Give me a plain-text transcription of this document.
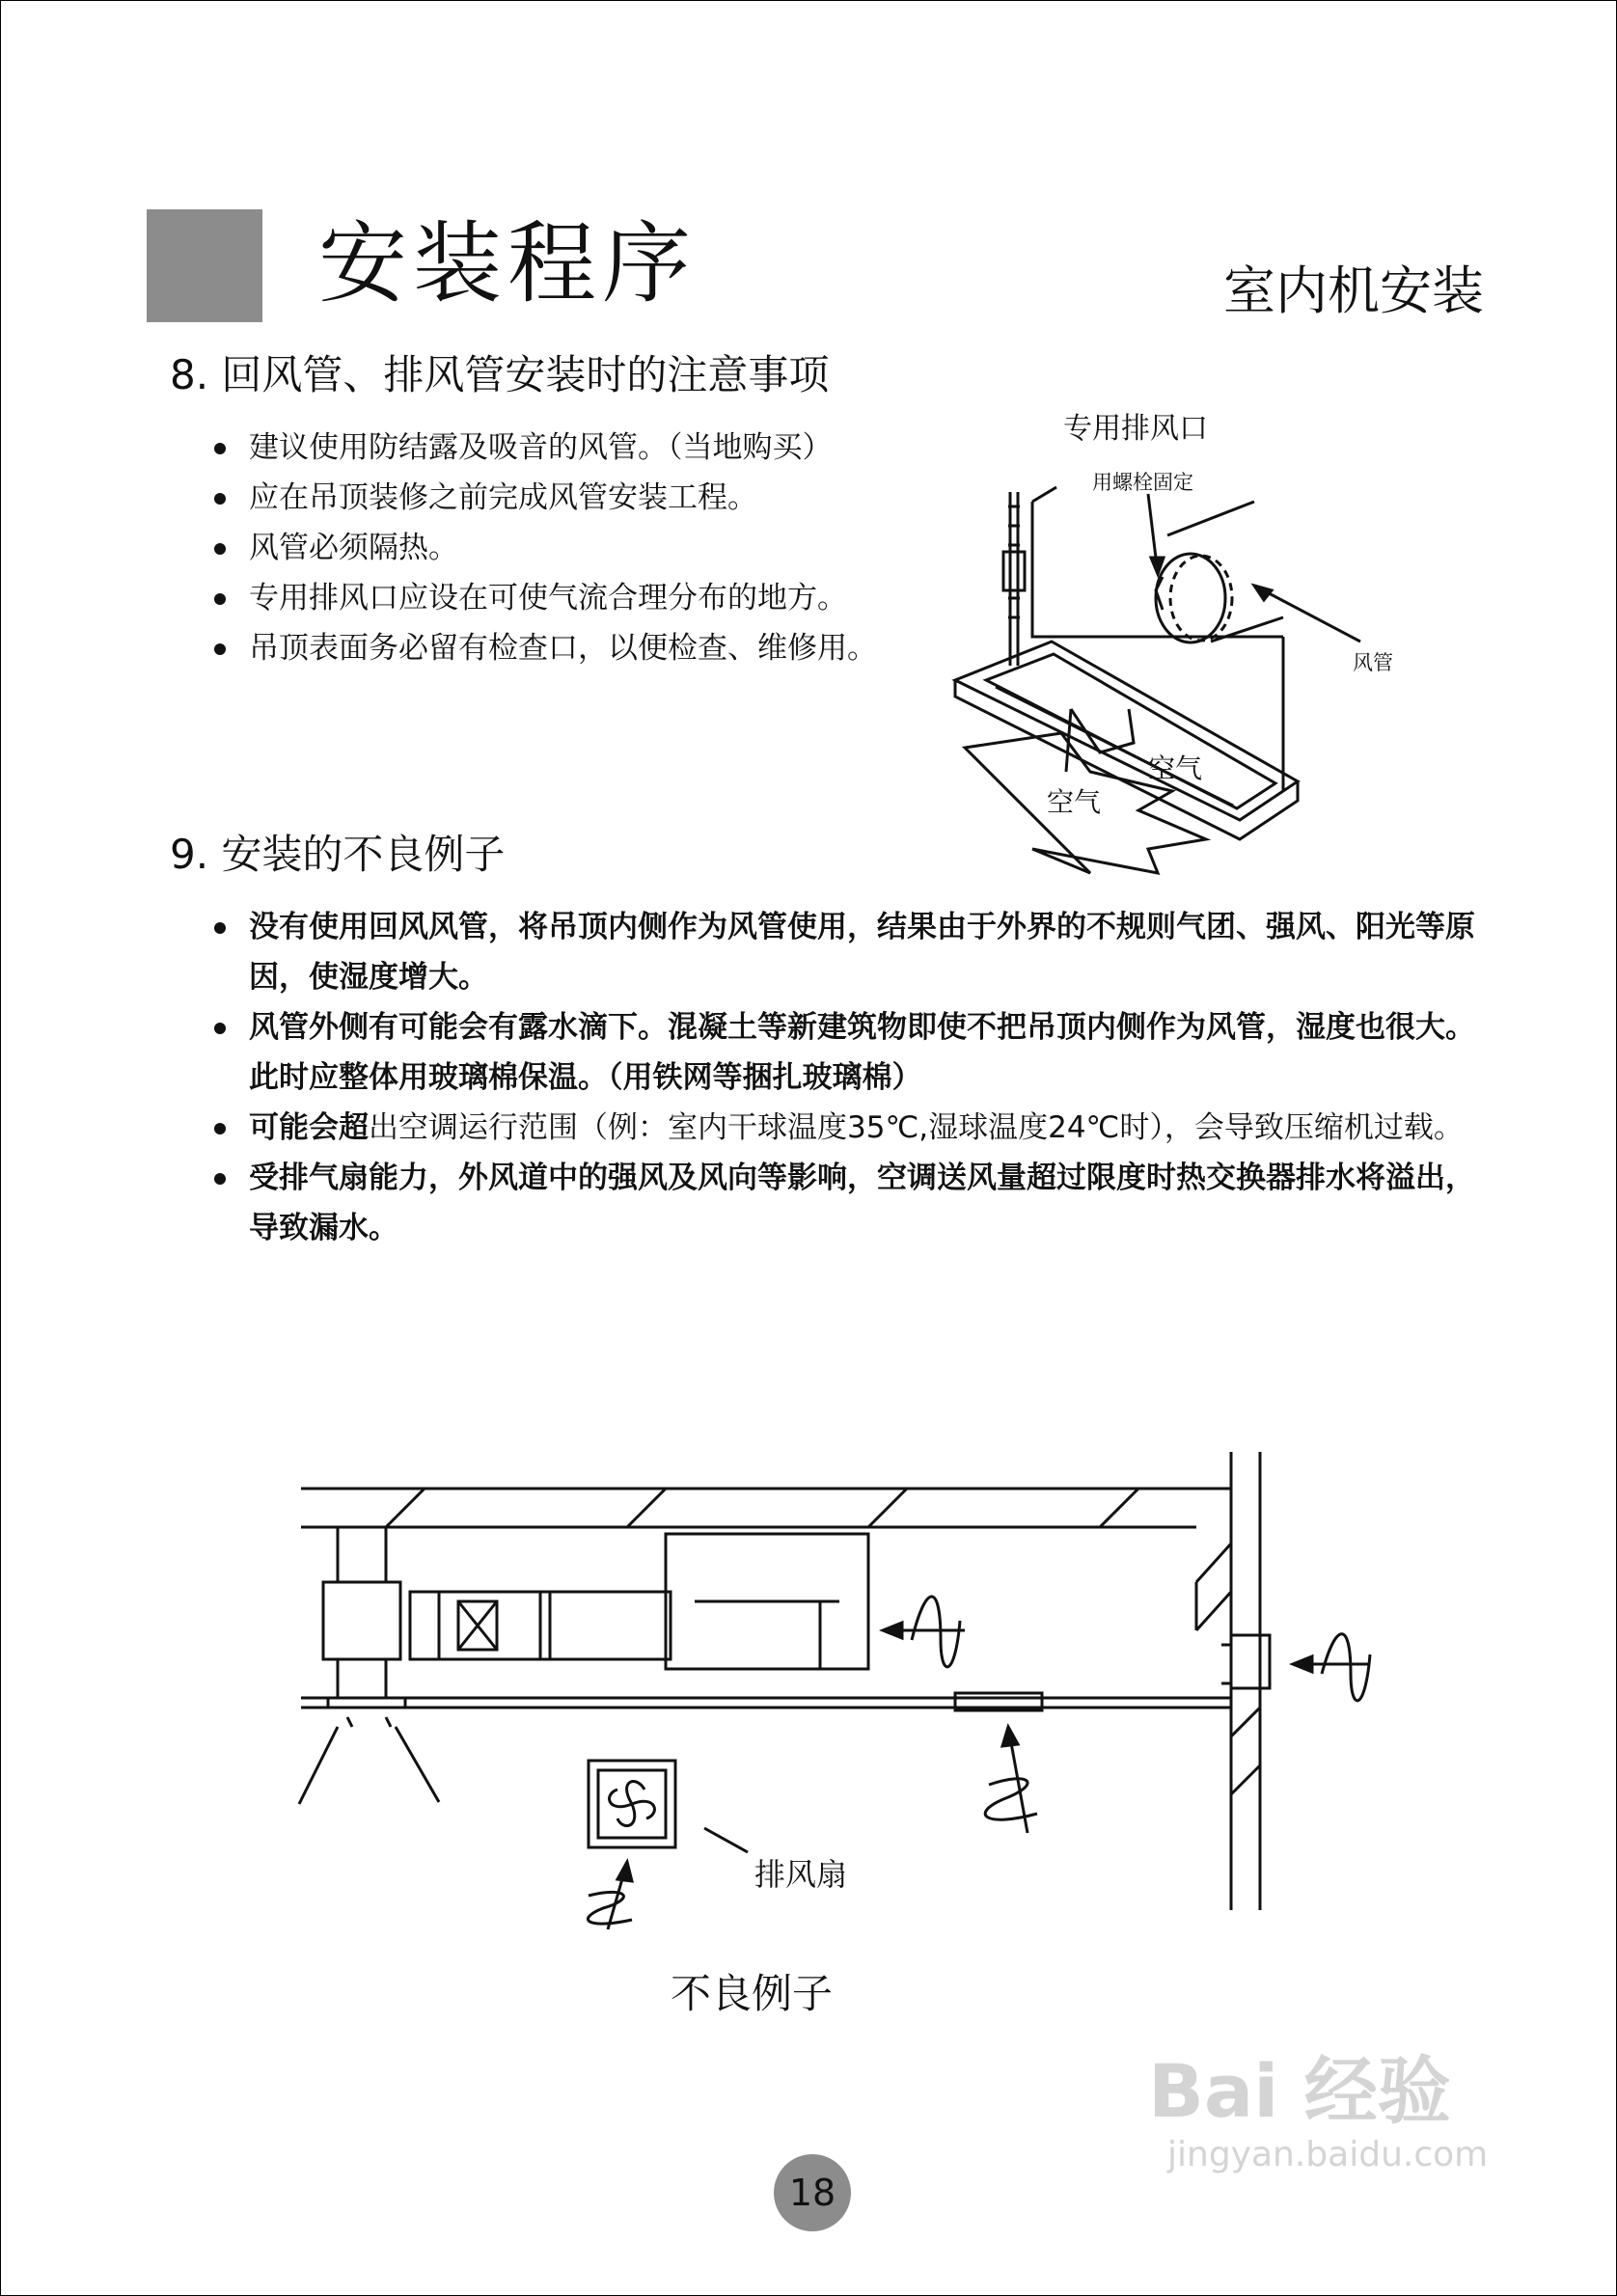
安装程序	室内机安装
8. 回风管、排风管安装时的注意事项
建议使用防结露及吸音的风管。（当地购买）
应在吊顶装修之前完成风管安装工程。
风管必须隔热。
专用排风口应设在可使气流合理分布的地方。
吊顶表面务必留有检查口，以便检查、维修用。
专用排风口
用螺栓固定
风管
空气
空气
9. 安装的不良例子
没有使用回风风管，将吊顶内侧作为风管使用，结果由于外界的不规则气团、强风、阳光等原因，使湿度增大。
风管外侧有可能会有露水滴下。混凝土等新建筑物即使不把吊顶内侧作为风管，湿度也很大。此时应整体用玻璃棉保温。（用铁网等捆扎玻璃棉）
可能会超出空调运行范围（例：室内干球温度35℃,湿球温度24℃时），会导致压缩机过载。
受排气扇能力，外风道中的强风及风向等影响，空调送风量超过限度时热交换器排水将溢出，导致漏水。
排风扇
不良例子
18
Bai 经验
jingyan.baidu.com
